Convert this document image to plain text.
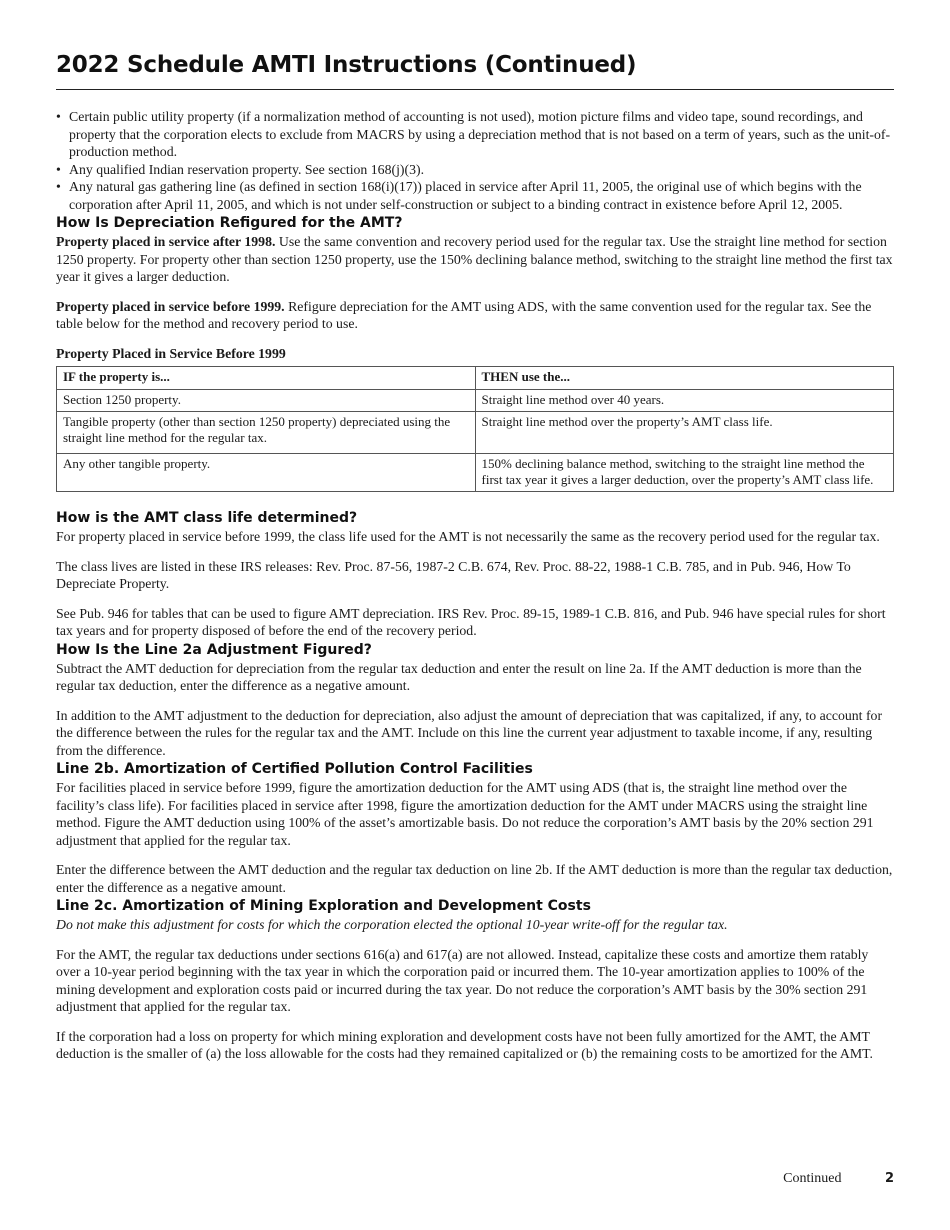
2022 Schedule AMTI Instructions (Continued)
• Certain public utility property (if a normalization method of accounting is not used), motion picture films and video tape, sound recordings, and property that the corporation elects to exclude from MACRS by using a depreciation method that is not based on a term of years, such as the unit-of-production method.
• Any qualified Indian reservation property. See section 168(j)(3).
• Any natural gas gathering line (as defined in section 168(i)(17)) placed in service after April 11, 2005, the original use of which begins with the corporation after April 11, 2005, and which is not under self-construction or subject to a binding contract in existence before April 12, 2005.
How Is Depreciation Refigured for the AMT?

Property placed in service after 1998. Use the same convention and recovery period used for the regular tax. Use the straight line method for section 1250 property. For property other than section 1250 property, use the 150% declining balance method, switching to the straight line method the first tax year it gives a larger deduction.

Property placed in service before 1999. Refigure depreciation for the AMT using ADS, with the same convention used for the regular tax. See the table below for the method and recovery period to use.

Property Placed in Service Before 1999

IF the property is...	THEN use the...
Section 1250 property.	Straight line method over 40 years.
Tangible property (other than section 1250 property) depreciated using the straight line method for the regular tax.	Straight line method over the property’s AMT class life.
Any other tangible property.	150% declining balance method, switching to the straight line method the first tax year it gives a larger deduction, over the property’s AMT class life.
How is the AMT class life determined?

For property placed in service before 1999, the class life used for the AMT is not necessarily the same as the recovery period used for the regular tax.

The class lives are listed in these IRS releases: Rev. Proc. 87-56, 1987-2 C.B. 674, Rev. Proc. 88-22, 1988-1 C.B. 785, and in Pub. 946, How To Depreciate Property.

See Pub. 946 for tables that can be used to figure AMT depreciation. IRS Rev. Proc. 89-15, 1989-1 C.B. 816, and Pub. 946 have special rules for short tax years and for property disposed of before the end of the recovery period.

How Is the Line 2a Adjustment Figured?

Subtract the AMT deduction for depreciation from the regular tax deduction and enter the result on line 2a. If the AMT deduction is more than the regular tax deduction, enter the difference as a negative amount.

In addition to the AMT adjustment to the deduction for depreciation, also adjust the amount of depreciation that was capitalized, if any, to account for the difference between the rules for the regular tax and the AMT. Include on this line the current year adjustment to taxable income, if any, resulting from the difference.

Line 2b. Amortization of Certified Pollution Control Facilities

For facilities placed in service before 1999, figure the amortization deduction for the AMT using ADS (that is, the straight line method over the facility’s class life). For facilities placed in service after 1998, figure the amortization deduction for the AMT under MACRS using the straight line method. Figure the AMT deduction using 100% of the asset’s amortizable basis. Do not reduce the corporation’s AMT basis by the 20% section 291 adjustment that applied for the regular tax.

Enter the difference between the AMT deduction and the regular tax deduction on line 2b. If the AMT deduction is more than the regular tax deduction, enter the difference as a negative amount.

Line 2c. Amortization of Mining Exploration and Development Costs

Do not make this adjustment for costs for which the corporation elected the optional 10-year write-off for the regular tax.

For the AMT, the regular tax deductions under sections 616(a) and 617(a) are not allowed. Instead, capitalize these costs and amortize them ratably over a 10-year period beginning with the tax year in which the corporation paid or incurred them. The 10-year amortization applies to 100% of the mining development and exploration costs paid or incurred during the tax year. Do not reduce the corporation’s AMT basis by the 30% section 291 adjustment that applied for the regular tax.

If the corporation had a loss on property for which mining exploration and development costs have not been fully amortized for the AMT, the AMT deduction is the smaller of (a) the loss allowable for the costs had they remained capitalized or (b) the remaining costs to be amortized for the AMT.

Continued	2
